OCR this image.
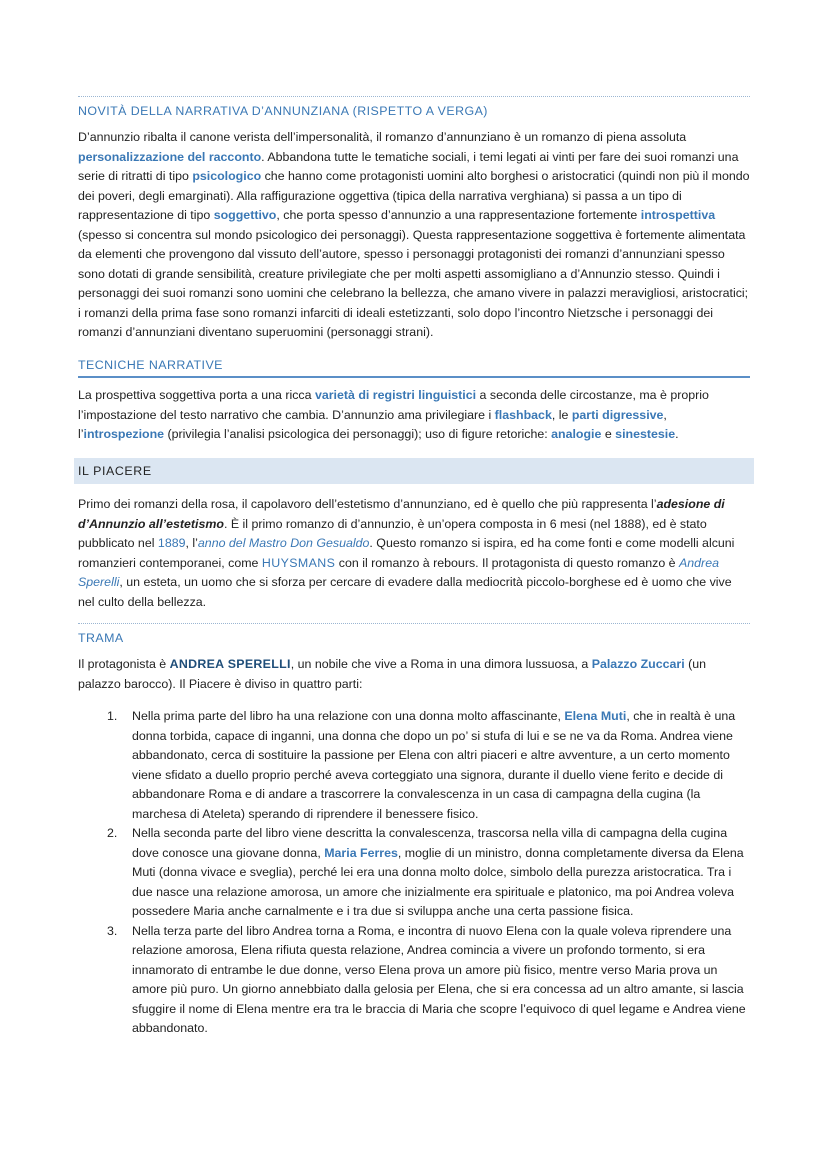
NOVITÀ DELLA NARRATIVA D’ANNUNZIANA (RISPETTO A VERGA)

D’annunzio ribalta il canone verista dell’impersonalità, il romanzo d’annunziano è un romanzo di piena assoluta personalizzazione del racconto. Abbandona tutte le tematiche sociali, i temi legati ai vinti per fare dei suoi romanzi una serie di ritratti di tipo psicologico che hanno come protagonisti uomini alto borghesi o aristocratici (quindi non più il mondo dei poveri, degli emarginati). Alla raffigurazione oggettiva (tipica della narrativa verghiana) si passa a un tipo di rappresentazione di tipo soggettivo, che porta spesso d’annunzio a una rappresentazione fortemente introspettiva (spesso si concentra sul mondo psicologico dei personaggi). Questa rappresentazione soggettiva è fortemente alimentata da elementi che provengono dal vissuto dell’autore, spesso i personaggi protagonisti dei romanzi d’annunziani spesso sono dotati di grande sensibilità, creature privilegiate che per molti aspetti assomigliano a d’Annunzio stesso. Quindi i personaggi dei suoi romanzi sono uomini che celebrano la bellezza, che amano vivere in palazzi meravigliosi, aristocratici; i romanzi della prima fase sono romanzi infarciti di ideali estetizzanti, solo dopo l’incontro Nietzsche i personaggi dei romanzi d’annunziani diventano superuomini (personaggi strani).

TECNICHE NARRATIVE

La prospettiva soggettiva porta a una ricca varietà di registri linguistici a seconda delle circostanze, ma è proprio l’impostazione del testo narrativo che cambia. D’annunzio ama privilegiare i flashback, le parti digressive, l’introspezione (privilegia l’analisi psicologica dei personaggi); uso di figure retoriche: analogie e sinestesie.

IL PIACERE

Primo dei romanzi della rosa, il capolavoro dell’estetismo d’annunziano, ed è quello che più rappresenta l’adesione di d’Annunzio all’estetismo. È il primo romanzo di d’annunzio, è un’opera composta in 6 mesi (nel 1888), ed è stato pubblicato nel 1889, l’anno del Mastro Don Gesualdo. Questo romanzo si ispira, ed ha come fonti e come modelli alcuni romanzieri contemporanei, come HUYSMANS con il romanzo à rebours. Il protagonista di questo romanzo è Andrea Sperelli, un esteta, un uomo che si sforza per cercare di evadere dalla mediocrità piccolo-borghese ed è uomo che vive nel culto della bellezza.

TRAMA

Il protagonista è ANDREA SPERELLI, un nobile che vive a Roma in una dimora lussuosa, a Palazzo Zuccari (un palazzo barocco). Il Piacere è diviso in quattro parti:

1. Nella prima parte del libro ha una relazione con una donna molto affascinante, Elena Muti, che in realtà è una donna torbida, capace di inganni, una donna che dopo un po’ si stufa di lui e se ne va da Roma. Andrea viene abbandonato, cerca di sostituire la passione per Elena con altri piaceri e altre avventure, a un certo momento viene sfidato a duello proprio perché aveva corteggiato una signora, durante il duello viene ferito e decide di abbandonare Roma e di andare a trascorrere la convalescenza in un casa di campagna della cugina (la marchesa di Ateleta) sperando di riprendere il benessere fisico.
2. Nella seconda parte del libro viene descritta la convalescenza, trascorsa nella villa di campagna della cugina dove conosce una giovane donna, Maria Ferres, moglie di un ministro, donna completamente diversa da Elena Muti (donna vivace e sveglia), perché lei era una donna molto dolce, simbolo della purezza aristocratica. Tra i due nasce una relazione amorosa, un amore che inizialmente era spirituale e platonico, ma poi Andrea voleva possedere Maria anche carnalmente e i tra due si sviluppa anche una certa passione fisica.
3. Nella terza parte del libro Andrea torna a Roma, e incontra di nuovo Elena con la quale voleva riprendere una relazione amorosa, Elena rifiuta questa relazione, Andrea comincia a vivere un profondo tormento, si era innamorato di entrambe le due donne, verso Elena prova un amore più fisico, mentre verso Maria prova un amore più puro. Un giorno annebbiato dalla gelosia per Elena, che si era concessa ad un altro amante, si lascia sfuggire il nome di Elena mentre era tra le braccia di Maria che scopre l’equivoco di quel legame e Andrea viene abbandonato.
